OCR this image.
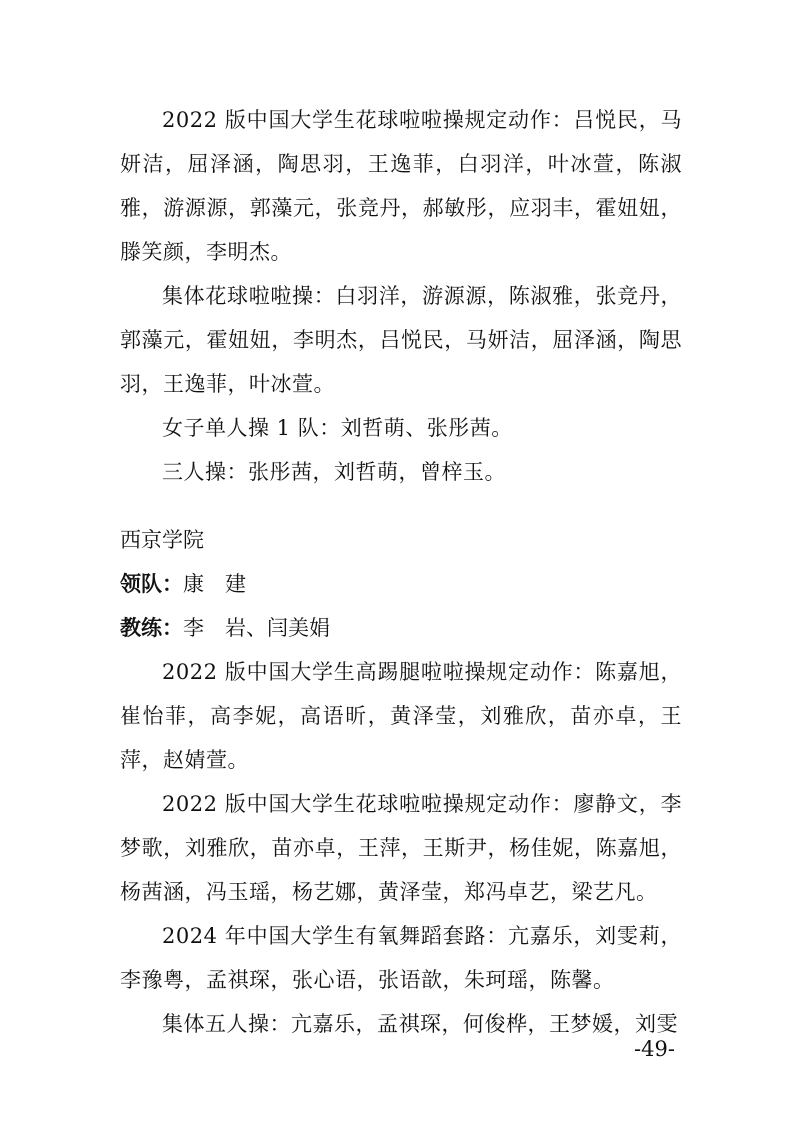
2022 版中国大学生花球啦啦操规定动作：吕悦民，马妍洁，屈泽涵，陶思羽，王逸菲，白羽洋，叶冰萱，陈淑雅，游源源，郭藻元，张竞丹，郝敏彤，应羽丰，霍妞妞，滕笑颜，李明杰。

集体花球啦啦操：白羽洋，游源源，陈淑雅，张竞丹，郭藻元，霍妞妞，李明杰，吕悦民，马妍洁，屈泽涵，陶思羽，王逸菲，叶冰萱。

女子单人操 1 队：刘哲萌、张彤茜。

三人操：张彤茜，刘哲萌，曾梓玉。

西京学院

领队：康　建

教练：李　岩、闫美娟

2022 版中国大学生高踢腿啦啦操规定动作：陈嘉旭，崔怡菲，高李妮，高语昕，黄泽莹，刘雅欣，苗亦卓，王萍，赵婧萱。

2022 版中国大学生花球啦啦操规定动作：廖静文，李梦歌，刘雅欣，苗亦卓，王萍，王斯尹，杨佳妮，陈嘉旭，杨茜涵，冯玉瑶，杨艺娜，黄泽莹，郑冯卓艺，梁艺凡。

2024 年中国大学生有氧舞蹈套路：亢嘉乐，刘雯莉，李豫粤，孟祺琛，张心语，张语歆，朱珂瑶，陈馨。

集体五人操：亢嘉乐，孟祺琛，何俊桦，王梦媛，刘雯

-49-
